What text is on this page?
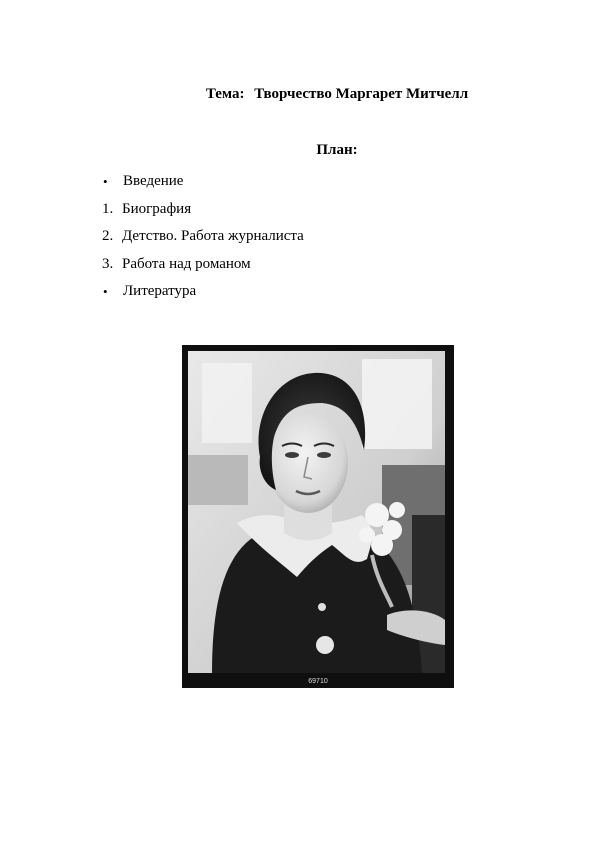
Тема: Творчество Маргарет Митчелл
План:
•	Введение
1. Биография
2. Детство. Работа журналиста
3. Работа над романом
•	Литература
69710
